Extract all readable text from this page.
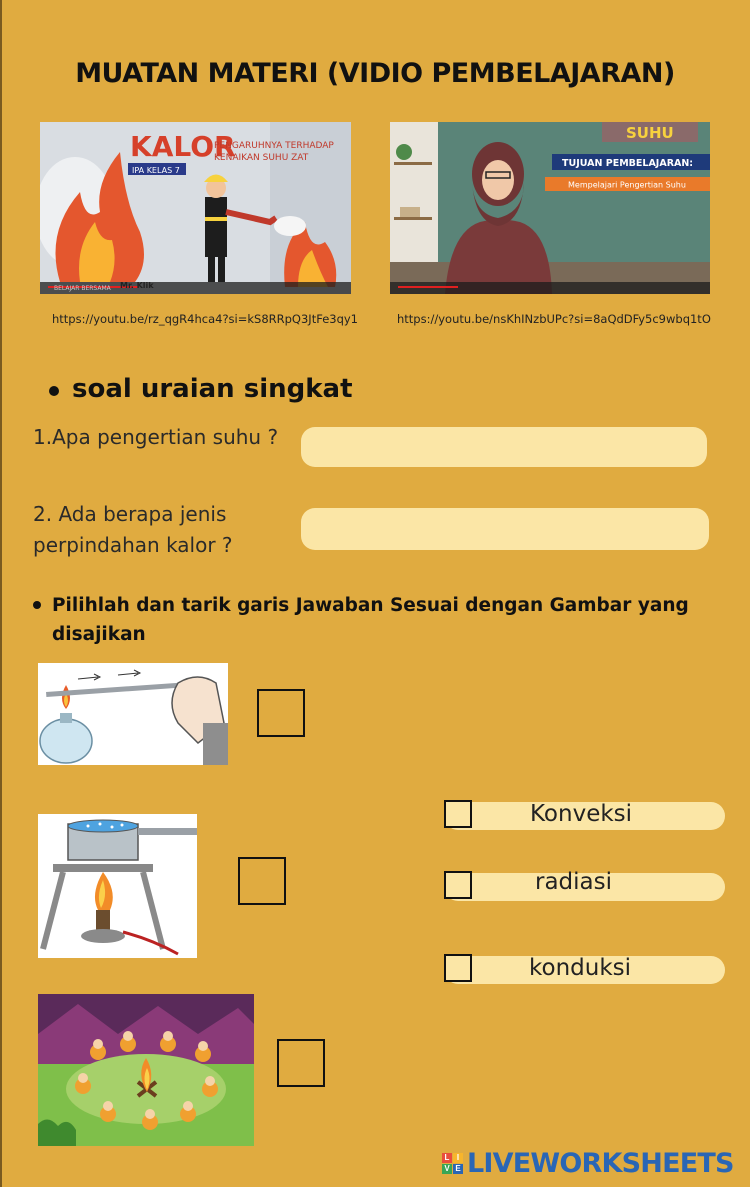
MUATAN MATERI (VIDIO PEMBELAJARAN)
KALOR
PENGARUHNYA TERHADAP
KENAIKAN SUHU ZAT
IPA KELAS 7
BELAJAR BERSAMA Mr. Klik
https://youtu.be/rz_qgR4hca4?si=kS8RRpQ3JtFe3qy1
SUHU
TUJUAN PEMBELAJARAN:
Mempelajari Pengertian Suhu
https://youtu.be/nsKhINzbUPc?si=8aQdDFy5c9wbq1tO
soal uraian singkat
1.Apa pengertian suhu ?
2. Ada berapa jenis
perpindahan kalor ?
Pilihlah dan tarik garis Jawaban Sesuai dengan Gambar yang
disajikan
Konveksi
radiasi
konduksi
L I
V E LIVEWORKSHEETS
